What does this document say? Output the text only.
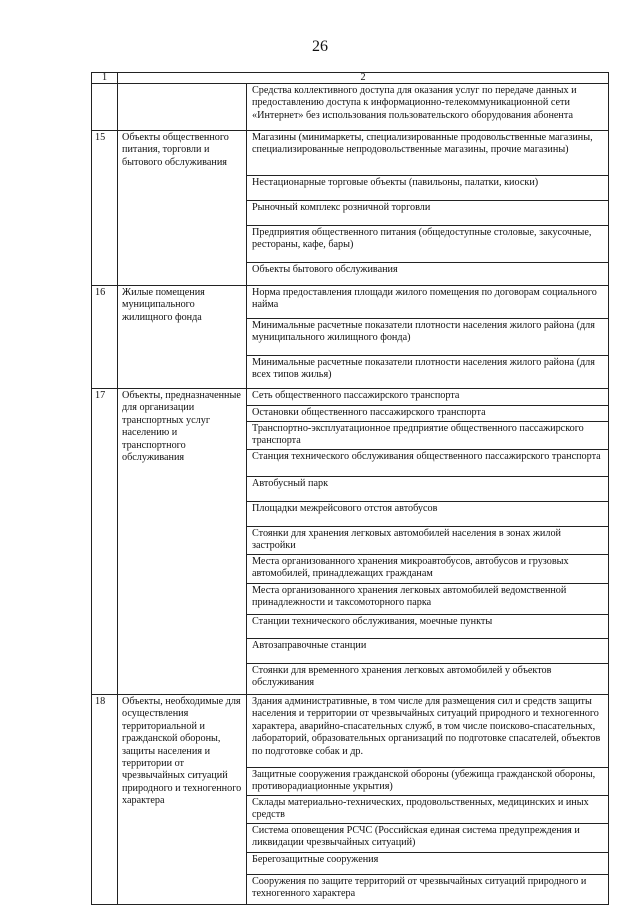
26
1	2	
		Средства коллективного доступа для оказания услуг по передаче данных и предоставлению доступа к информационно-телекоммуникационной сети «Интернет» без использования пользовательского оборудования абонента
15	Объекты общественного питания, торговли и бытового обслуживания	Магазины (минимаркеты, специализированные продовольственные магазины, специализированные непродовольственные магазины, прочие магазины)
		Нестационарные торговые объекты (павильоны, палатки, киоски)
		Рыночный комплекс розничной торговли
		Предприятия общественного питания (общедоступные столовые, закусочные, рестораны, кафе, бары)
		Объекты бытового обслуживания
16	Жилые помещения муниципального жилищного фонда	Норма предоставления площади жилого помещения по договорам социального найма
		Минимальные расчетные показатели плотности населения жилого района (для муниципального жилищного фонда)
		Минимальные расчетные показатели плотности населения жилого района (для всех типов жилья)
17	Объекты, предназначенные для организации транспортных услуг населению и транспортного обслуживания	Сеть общественного пассажирского транспорта
		Остановки общественного пассажирского транспорта
		Транспортно-эксплуатационное предприятие общественного пассажирского транспорта
		Станция технического обслуживания общественного пассажирского транспорта
		Автобусный парк
		Площадки межрейсового отстоя автобусов
		Стоянки для хранения легковых автомобилей населения в зонах жилой застройки
		Места организованного хранения микроавтобусов, автобусов и грузовых автомобилей, принадлежащих гражданам
		Места организованного хранения легковых автомобилей ведомственной принадлежности и таксомоторного парка
		Станции технического обслуживания, моечные пункты
		Автозаправочные станции
		Стоянки для временного хранения легковых автомобилей у объектов обслуживания
18	Объекты, необходимые для осуществления территориальной и гражданской обороны, защиты населения и территории от чрезвычайных ситуаций природного и техногенного характера	Здания административные, в том числе для размещения сил и средств защиты населения и территории от чрезвычайных ситуаций природного и техногенного характера, аварийно-спасательных служб, в том числе поисково-спасательных, лабораторий, образовательных организаций по подготовке спасателей, объектов по подготовке собак и др.
		Защитные сооружения гражданской обороны (убежища гражданской обороны, противорадиационные укрытия)
		Склады материально-технических, продовольственных, медицинских и иных средств
		Система оповещения РСЧС (Российская единая система предупреждения и ликвидации чрезвычайных ситуаций)
		Берегозащитные сооружения
		Сооружения по защите территорий от чрезвычайных ситуаций природного и техногенного характера
